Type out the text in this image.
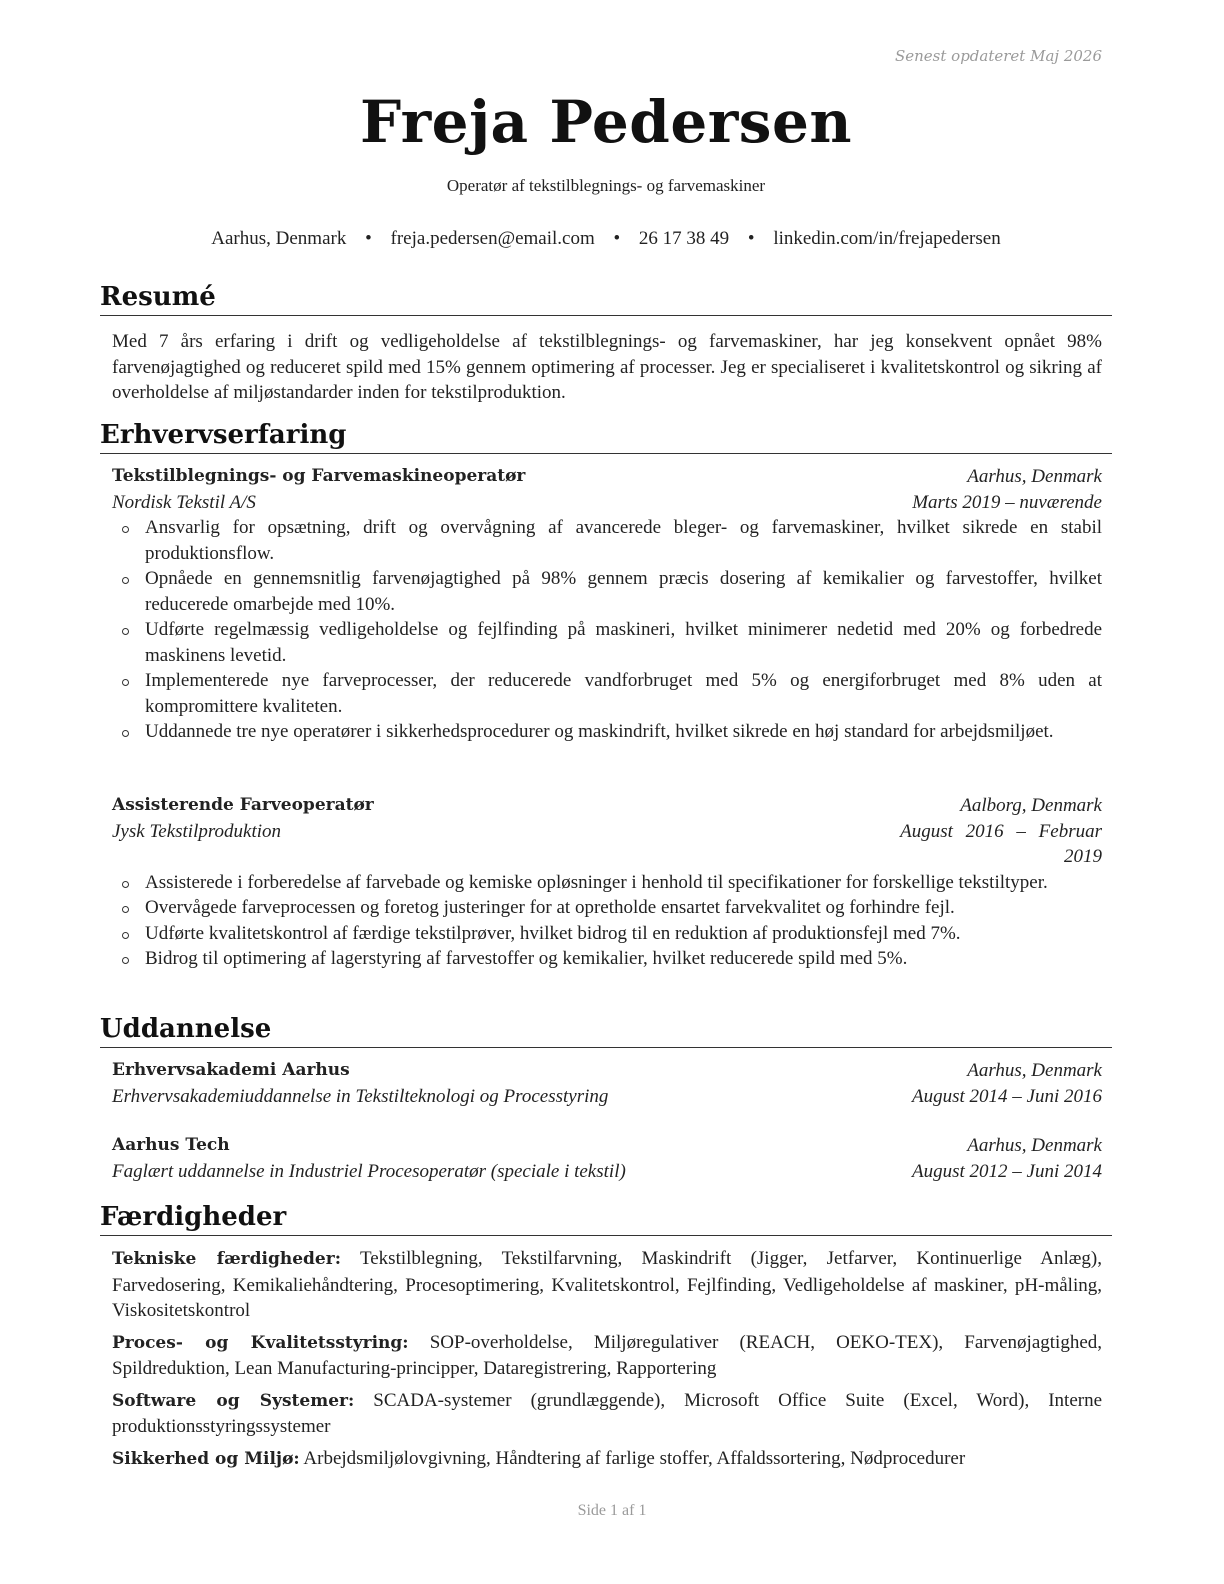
Senest opdateret Maj 2026
Freja Pedersen
Operatør af tekstilblegnings- og farvemaskiner
Aarhus, Denmark • freja.pedersen@email.com • 26 17 38 49 • linkedin.com/in/frejapedersen
Resumé
Med 7 års erfaring i drift og vedligeholdelse af tekstilblegnings- og farvemaskiner, har jeg konsekvent opnået 98% farvenøjagtighed og reduceret spild med 15% gennem optimering af processer. Jeg er specialiseret i kvalitetskontrol og sikring af overholdelse af miljøstandarder inden for tekstilproduktion.
Erhvervserfaring
Tekstilblegnings- og Farvemaskineoperatør	Aarhus, Denmark
Nordisk Tekstil A/S	Marts 2019 – nuværende
Ansvarlig for opsætning, drift og overvågning af avancerede bleger- og farvemaskiner, hvilket sikrede en stabil produktionsflow.
Opnåede en gennemsnitlig farvenøjagtighed på 98% gennem præcis dosering af kemikalier og farvestoffer, hvilket reducerede omarbejde med 10%.
Udførte regelmæssig vedligeholdelse og fejlfinding på maskineri, hvilket minimerer nedetid med 20% og forbedrede maskinens levetid.
Implementerede nye farveprocesser, der reducerede vandforbruget med 5% og energiforbruget med 8% uden at kompromittere kvaliteten.
Uddannede tre nye operatører i sikkerhedsprocedurer og maskindrift, hvilket sikrede en høj standard for arbejdsmiljøet.
Assisterende Farveoperatør	Aalborg, Denmark
Jysk Tekstilproduktion	August 2016 – Februar
2019
Assisterede i forberedelse af farvebade og kemiske opløsninger i henhold til specifikationer for forskellige tekstiltyper.
Overvågede farveprocessen og foretog justeringer for at opretholde ensartet farvekvalitet og forhindre fejl.
Udførte kvalitetskontrol af færdige tekstilprøver, hvilket bidrog til en reduktion af produktionsfejl med 7%.
Bidrog til optimering af lagerstyring af farvestoffer og kemikalier, hvilket reducerede spild med 5%.
Uddannelse
Erhvervsakademi Aarhus	Aarhus, Denmark
Erhvervsakademiuddannelse in Tekstilteknologi og Processtyring	August 2014 – Juni 2016
Aarhus Tech	Aarhus, Denmark
Faglært uddannelse in Industriel Procesoperatør (speciale i tekstil)	August 2012 – Juni 2014
Færdigheder
Tekniske færdigheder: Tekstilblegning, Tekstilfarvning, Maskindrift (Jigger, Jetfarver, Kontinuerlige Anlæg), Farvedosering, Kemikaliehåndtering, Procesoptimering, Kvalitetskontrol, Fejlfinding, Vedligeholdelse af maskiner, pH-måling, Viskositetskontrol
Proces- og Kvalitetsstyring: SOP-overholdelse, Miljøregulativer (REACH, OEKO-TEX), Farvenøjagtighed, Spildreduktion, Lean Manufacturing-principper, Dataregistrering, Rapportering
Software og Systemer: SCADA-systemer (grundlæggende), Microsoft Office Suite (Excel, Word), Interne produktionsstyringssystemer
Sikkerhed og Miljø: Arbejdsmiljølovgivning, Håndtering af farlige stoffer, Affaldssortering, Nødprocedurer
Side 1 af 1
